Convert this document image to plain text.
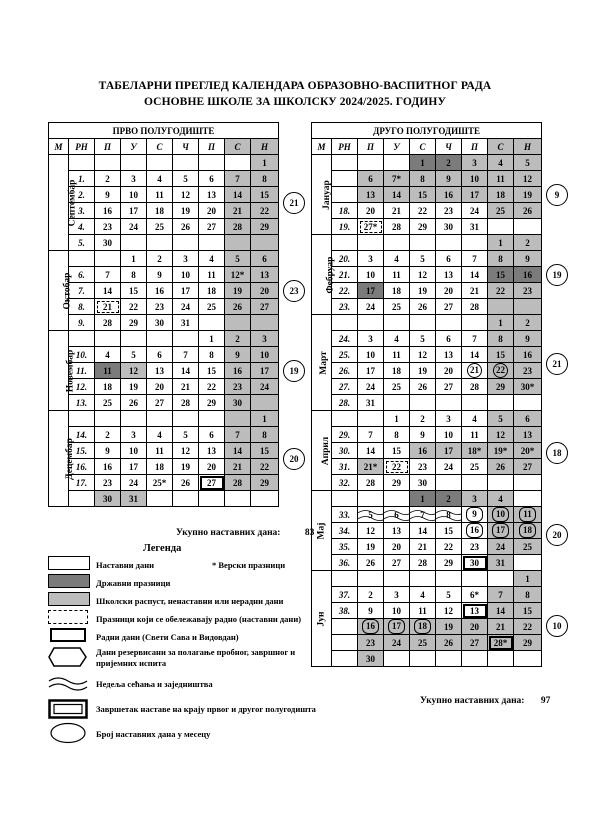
ТАБЕЛАРНИ ПРЕГЛЕД КАЛЕНДАРА ОБРАЗОВНО-ВАСПИТНОГ РАДА
ОСНОВНЕ ШКОЛЕ ЗА ШКОЛСКУ 2024/2025. ГОДИНУ
ПРВО ПОЛУГОДИШТЕ								
М	РН	П	У	С	Ч	П	С	Н
Септембар								1
	1.	2	3	4	5	6	7	8
	2.	9	10	11	12	13	14	15
	3.	16	17	18	19	20	21	22
	4.	23	24	25	26	27	28	29
	5.	30						
Октобар			1	2	3	4	5	6
	6.	7	8	9	10	11	12*	13
	7.	14	15	16	17	18	19	20
	8.	21	22	23	24	25	26	27
	9.	28	29	30	31			
Новембар						1	2	3
	10.	4	5	6	7	8	9	10
	11.	11	12	13	14	15	16	17
	12.	18	19	20	21	22	23	24
	13.	25	26	27	28	29	30	
Децембар								1
	14.	2	3	4	5	6	7	8
	15.	9	10	11	12	13	14	15
	16.	16	17	18	19	20	21	22
	17.	23	24	25*	26	27	28	29
		30	31					
ДРУГО ПОЛУГОДИШТЕ								
М	РН	П	У	С	Ч	П	С	Н
Јануар				1	2	3	4	5
		6	7*	8	9	10	11	12
		13	14	15	16	17	18	19
	18.	20	21	22	23	24	25	26
	19.	27*	28	29	30	31		
Фебруар							1	2
	20.	3	4	5	6	7	8	9
	21.	10	11	12	13	14	15	16
	22.	17	18	19	20	21	22	23
	23.	24	25	26	27	28		
Март							1	2
	24.	3	4	5	6	7	8	9
	25.	10	11	12	13	14	15	16
	26.	17	18	19	20	21	22	23
	27.	24	25	26	27	28	29	30*
	28.	31						
Април			1	2	3	4	5	6
	29.	7	8	9	10	11	12	13
	30.	14	15	16	17	18*	19*	20*
	31.	21*	22	23	24	25	26	27
	32.	28	29	30				
Мај				1	2	3	4	
	33.	5	6	7	8	9	10	11
	34.	12	13	14	15	16	17	18
	35.	19	20	21	22	23	24	25
	36.	26	27	28	29	30	31	
Јун								1
	37.	2	3	4	5	6*	7	8
	38.	9	10	11	12	13	14	15
		16	17	18	19	20	21	22
		23	24	25	26	27	28*	29
		30						
21
23
19
20
9
19
21
18
20
10
Укупно наставних дана:	83
Укупно наставних дана: 97
Легенда
* Верски празници
Наставни дани
Државни празници
Школски распуст, ненаставни или нерадни дани
Празници који се обележавају радно (наставни дани)
Радни дани (Свети Сава и Видовдан)
Дани резервисани за полагање пробног, завршног и пријемних испита
Недеља сећања и заједништва
Завршетак наставе на крају првог и другог полугодишта
Број наставних дана у месецу
